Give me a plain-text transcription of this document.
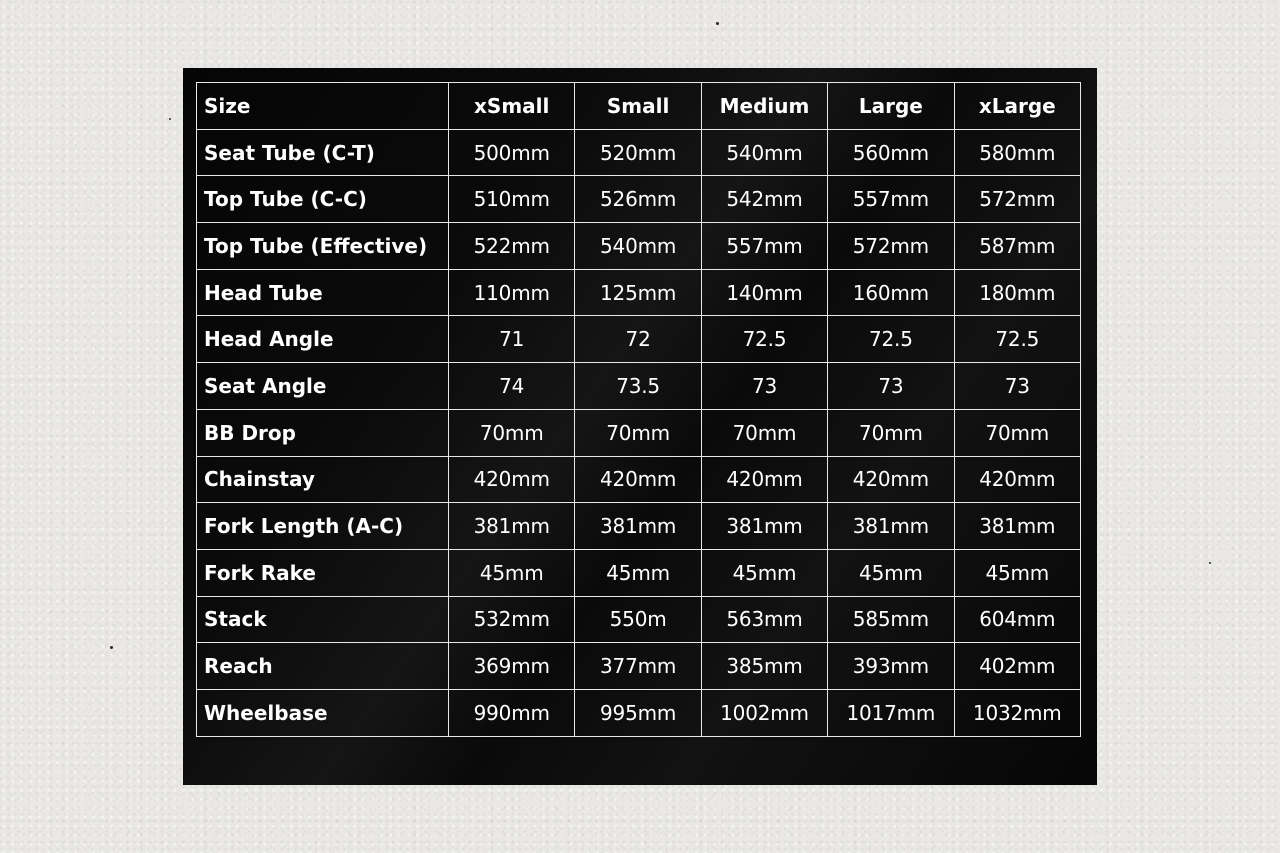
Size	xSmall	Small	Medium	Large	xLarge
Seat Tube (C-T)	500mm	520mm	540mm	560mm	580mm
Top Tube (C-C)	510mm	526mm	542mm	557mm	572mm
Top Tube (Effective)	522mm	540mm	557mm	572mm	587mm
Head Tube	110mm	125mm	140mm	160mm	180mm
Head Angle	71	72	72.5	72.5	72.5
Seat Angle	74	73.5	73	73	73
BB Drop	70mm	70mm	70mm	70mm	70mm
Chainstay	420mm	420mm	420mm	420mm	420mm
Fork Length (A-C)	381mm	381mm	381mm	381mm	381mm
Fork Rake	45mm	45mm	45mm	45mm	45mm
Stack	532mm	550m	563mm	585mm	604mm
Reach	369mm	377mm	385mm	393mm	402mm
Wheelbase	990mm	995mm	1002mm	1017mm	1032mm
